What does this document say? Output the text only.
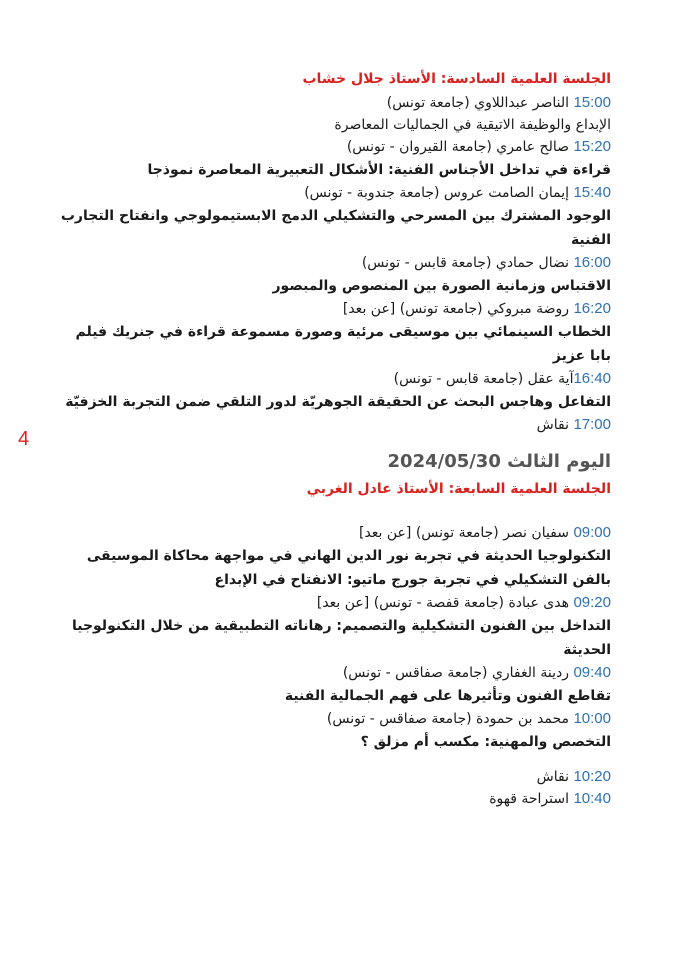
4

الجلسة العلمية السادسة: الأستاذ جلال خشاب

15:00 الناصر عبداللاوي (جامعة تونس)

الإبداع والوظيفة الاتيقية في الجماليات المعاصرة

15:20 صالح عامري (جامعة القيروان - تونس)

قراءة في تداخل الأجناس الفنية: الأشكال التعبيرية المعاصرة نموذجا

15:40 إيمان الصامت عروس (جامعة جندوبة - تونس)

الوجود المشترك بين المسرحي والتشكيلي الدمج الابستيمولوجي وانفتاح التجارب الفنية

16:00 نضال حمادي (جامعة قابس - تونس)

الاقتباس وزمانية الصورة بين المنصوص والمبصور

16:20 روضة مبروكي (جامعة تونس) [عن بعد]

الخطاب السينمائي بين موسيقى مرئية وصورة مسموعة قراءة في جنريك فيلم بابا عزيز

16:40آية عقل (جامعة قابس - تونس)

التفاعل وهاجس البحث عن الحقيقة الجوهريّة لدور التلقي ضمن التجربة الخزفيّة

17:00 نقاش

اليوم الثالث 2024/05/30

الجلسة العلمية السابعة: الأستاذ عادل الغربي

09:00 سفيان نصر (جامعة تونس) [عن بعد]

التكنولوجيا الحديثة في تجربة نور الدين الهاني في مواجهة محاكاة الموسيقى بالفن التشكيلي في تجربة جورج ماتيو: الانفتاح في الإبداع

09:20 هدى عبادة (جامعة قفصة - تونس) [عن بعد]

التداخل بين الفنون التشكيلية والتصميم: رهاناته التطبيقية من خلال التكنولوجيا الحديثة

09:40 ردينة الغفاري (جامعة صفاقس - تونس)

تقاطع الفنون وتأثيرها على فهم الجمالية الفنية

10:00 محمد بن حمودة (جامعة صفاقس - تونس)

التخصص والمهنية: مكسب أم مزلق ؟

10:20 نقاش

10:40 استراحة قهوة
